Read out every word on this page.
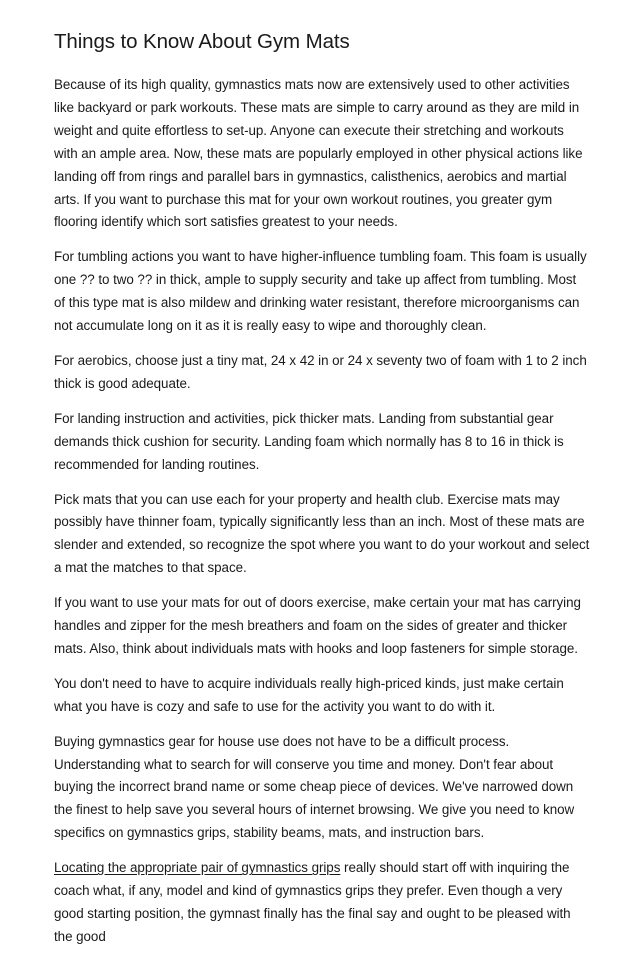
Things to Know About Gym Mats

Because of its high quality, gymnastics mats now are extensively used to other activities like backyard or park workouts. These mats are simple to carry around as they are mild in weight and quite effortless to set-up. Anyone can execute their stretching and workouts with an ample area. Now, these mats are popularly employed in other physical actions like landing off from rings and parallel bars in gymnastics, calisthenics, aerobics and martial arts. If you want to purchase this mat for your own workout routines, you greater gym flooring identify which sort satisfies greatest to your needs.

For tumbling actions you want to have higher-influence tumbling foam. This foam is usually one ?? to two ?? in thick, ample to supply security and take up affect from tumbling. Most of this type mat is also mildew and drinking water resistant, therefore microorganisms can not accumulate long on it as it is really easy to wipe and thoroughly clean.

For aerobics, choose just a tiny mat, 24 x 42 in or 24 x seventy two of foam with 1 to 2 inch thick is good adequate.

For landing instruction and activities, pick thicker mats. Landing from substantial gear demands thick cushion for security. Landing foam which normally has 8 to 16 in thick is recommended for landing routines.

Pick mats that you can use each for your property and health club. Exercise mats may possibly have thinner foam, typically significantly less than an inch. Most of these mats are slender and extended, so recognize the spot where you want to do your workout and select a mat the matches to that space.

If you want to use your mats for out of doors exercise, make certain your mat has carrying handles and zipper for the mesh breathers and foam on the sides of greater and thicker mats. Also, think about individuals mats with hooks and loop fasteners for simple storage.

You don't need to have to acquire individuals really high-priced kinds, just make certain what you have is cozy and safe to use for the activity you want to do with it.

Buying gymnastics gear for house use does not have to be a difficult process. Understanding what to search for will conserve you time and money. Don't fear about buying the incorrect brand name or some cheap piece of devices. We've narrowed down the finest to help save you several hours of internet browsing. We give you need to know specifics on gymnastics grips, stability beams, mats, and instruction bars.

Locating the appropriate pair of gymnastics grips really should start off with inquiring the coach what, if any, model and kind of gymnastics grips they prefer. Even though a very good starting position, the gymnast finally has the final say and ought to be pleased with the good
